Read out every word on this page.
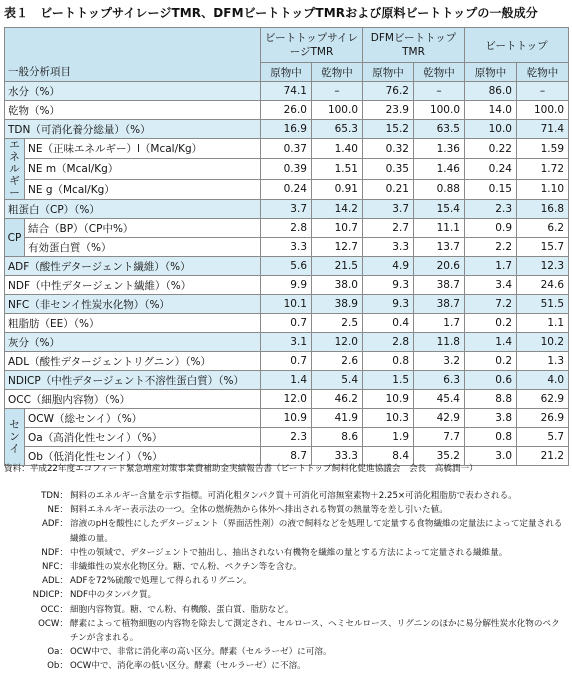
表１　ビートトップサイレージTMR、DFMビートトップTMRおよび原料ビートトップの一般成分
一般分析項目		ビートトップサイレージTMR		DFMビートトップTMR		ビートトップ	
		原物中	乾物中	原物中	乾物中	原物中	乾物中
水分（%）		74.1	–	76.2	–	86.0	–
乾物（%）		26.0	100.0	23.9	100.0	14.0	100.0
TDN（可消化養分総量）（%）		16.9	65.3	15.2	63.5	10.0	71.4
エネルギー	NE（正味エネルギー）l（Mcal/Kg）	0.37	1.40	0.32	1.36	0.22	1.59
	NE m（Mcal/Kg）	0.39	1.51	0.35	1.46	0.24	1.72
	NE g（Mcal/Kg）	0.24	0.91	0.21	0.88	0.15	1.10
粗蛋白（CP）（%）		3.7	14.2	3.7	15.4	2.3	16.8
CP	結合（BP）（CP中%）	2.8	10.7	2.7	11.1	0.9	6.2
	有効蛋白質（%）	3.3	12.7	3.3	13.7	2.2	15.7
ADF（酸性デタージェント繊維）（%）		5.6	21.5	4.9	20.6	1.7	12.3
NDF（中性デタージェント繊維）（%）		9.9	38.0	9.3	38.7	3.4	24.6
NFC（非センイ性炭水化物）（%）		10.1	38.9	9.3	38.7	7.2	51.5
粗脂肪（EE）（%）		0.7	2.5	0.4	1.7	0.2	1.1
灰分（%）		3.1	12.0	2.8	11.8	1.4	10.2
ADL（酸性デタージェントリグニン）（%）		0.7	2.6	0.8	3.2	0.2	1.3
NDICP（中性デタージェント不溶性蛋白質）（%）		1.4	5.4	1.5	6.3	0.6	4.0
OCC（細胞内容物）（%）		12.0	46.2	10.9	45.4	8.8	62.9
センイ	OCW（総センイ）（%）	10.9	41.9	10.3	42.9	3.8	26.9
	Oa（高消化性センイ）（%）	2.3	8.6	1.9	7.7	0.8	5.7
	Ob（低消化性センイ）（%）	8.7	33.3	8.4	35.2	3.0	21.2
資料：平成22年度エコフィード緊急増産対策事業費補助金実績報告書（ビートトップ飼料化促進協議会　会長　高橋潤一）
TDN： 飼料のエネルギー含量を示す指標。可消化粗タンパク質＋可消化可溶無窒素物＋2.25×可消化粗脂肪で表わされる。
NE： 飼料エネルギー表示法の一つ。全体の燃焼熱から体外へ排出される物質の熱量等を差し引いた値。
ADF： 溶液のpHを酸性にしたデタージェント（界面活性剤）の液で飼料などを処理して定量する食物繊維の定量法によって定量される繊維の量。
NDF： 中性の領域で、デタージェントで抽出し、抽出されない有機物を繊維の量とする方法によって定量される繊維量。
NFC： 非繊維性の炭水化物区分。糖、でん粉、ペクチン等を含む。
ADL： ADFを72%硫酸で処理して得られるリグニン。
NDICP： NDF中のタンパク質。
OCC： 細胞内容物質。糖、でん粉、有機酸、蛋白質、脂肪など。
OCW： 酵素によって植物細胞の内容物を除去して測定され、セルロース、ヘミセルロース、リグニンのほかに易分解性炭水化物のペクチンが含まれる。
Oa： OCW中で、非常に消化率の高い区分。酵素（セルラーゼ）に可溶。
Ob： OCW中で、消化率の低い区分。酵素（セルラーゼ）に不溶。
